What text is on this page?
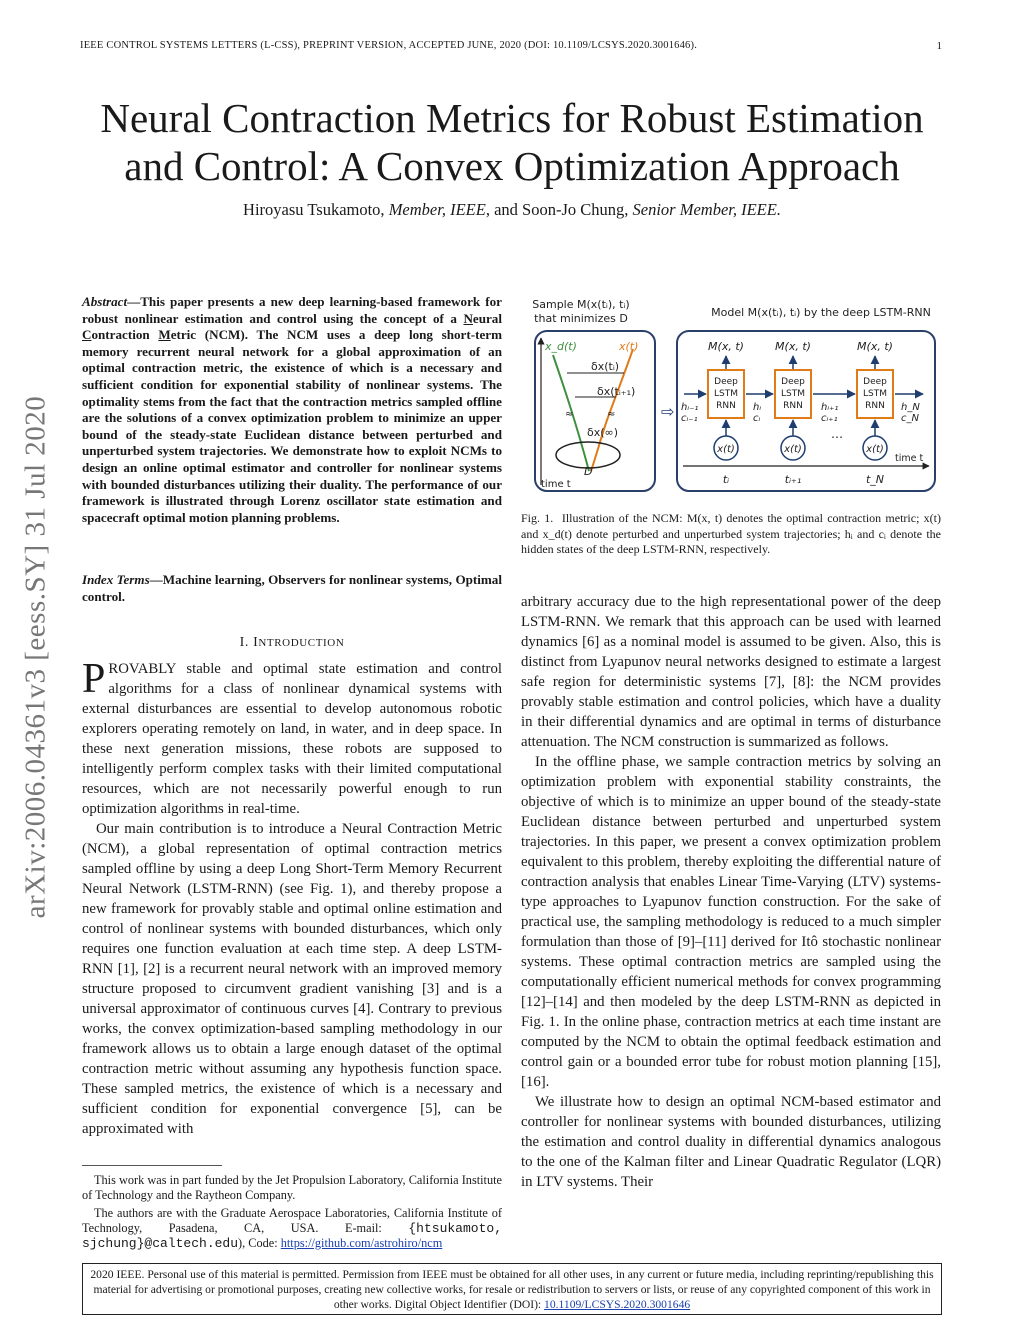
IEEE CONTROL SYSTEMS LETTERS (L-CSS), PREPRINT VERSION, ACCEPTED JUNE, 2020 (DOI: 10.1109/LCSYS.2020.3001646).	1
Neural Contraction Metrics for Robust Estimation
and Control: A Convex Optimization Approach
Hiroyasu Tsukamoto, Member, IEEE, and Soon-Jo Chung, Senior Member, IEEE.
arXiv:2006.04361v3 [eess.SY] 31 Jul 2020
Abstract—This paper presents a new deep learning-based framework for robust nonlinear estimation and control using the concept of a Neural Contraction Metric (NCM). The NCM uses a deep long short-term memory recurrent neural network for a global approximation of an optimal contraction metric, the existence of which is a necessary and sufficient condition for exponential stability of nonlinear systems. The optimality stems from the fact that the contraction metrics sampled offline are the solutions of a convex optimization problem to minimize an upper bound of the steady-state Euclidean distance between perturbed and unperturbed system trajectories. We demonstrate how to exploit NCMs to design an online optimal estimator and controller for nonlinear systems with bounded disturbances utilizing their duality. The performance of our framework is illustrated through Lorenz oscillator state estimation and spacecraft optimal motion planning problems.
Index Terms—Machine learning, Observers for nonlinear systems, Optimal control.
I. INTRODUCTION

PROVABLY stable and optimal state estimation and control algorithms for a class of nonlinear dynamical systems with external disturbances are essential to develop autonomous robotic explorers operating remotely on land, in water, and in deep space. In these next generation missions, these robots are supposed to intelligently perform complex tasks with their limited computational resources, which are not necessarily powerful enough to run optimization algorithms in real-time.

Our main contribution is to introduce a Neural Contraction Metric (NCM), a global representation of optimal contraction metrics sampled offline by using a deep Long Short-Term Memory Recurrent Neural Network (LSTM-RNN) (see Fig. 1), and thereby propose a new framework for provably stable and optimal online estimation and control of nonlinear systems with bounded disturbances, which only requires one function evaluation at each time step. A deep LSTM-RNN [1], [2] is a recurrent neural network with an improved memory structure proposed to circumvent gradient vanishing [3] and is a universal approximator of continuous curves [4]. Contrary to previous works, the convex optimization-based sampling methodology in our framework allows us to obtain a large enough dataset of the optimal contraction metric without assuming any hypothesis function space. These sampled metrics, the existence of which is a necessary and sufficient condition for exponential convergence [5], can be approximated with

This work was in part funded by the Jet Propulsion Laboratory, California Institute of Technology and the Raytheon Company.

The authors are with the Graduate Aerospace Laboratories, California Institute of Technology, Pasadena, CA, USA. E-mail: {htsukamoto, sjchung}@caltech.edu), Code: https://github.com/astrohiro/ncm

Sample M(x(tᵢ), tᵢ)
that minimizes D	Model M(x(tᵢ), tᵢ) by the deep LSTM-RNN
time t
x_d(t)	x(t)
δx(tᵢ)
δx(tᵢ₊₁)
≈	≈
δx(∞)
D
⇨
M(x, t)	M(x, t)	M(x, t)
Deep
LSTM
RNN
x(t)
Deep
LSTM
RNN
x(t)
Deep
LSTM
RNN
x(t)
hᵢ₋₁
cᵢ₋₁
hᵢ
cᵢ
hᵢ₊₁
cᵢ₊₁
h_N
c_N
⋯
time t
tᵢ	tᵢ₊₁	t_N
Fig. 1. Illustration of the NCM: M(x, t) denotes the optimal contraction metric; x(t) and x_d(t) denote perturbed and unperturbed system trajectories; hᵢ and cᵢ denote the hidden states of the deep LSTM-RNN, respectively.

arbitrary accuracy due to the high representational power of the deep LSTM-RNN. We remark that this approach can be used with learned dynamics [6] as a nominal model is assumed to be given. Also, this is distinct from Lyapunov neural networks designed to estimate a largest safe region for deterministic systems [7], [8]: the NCM provides provably stable estimation and control policies, which have a duality in their differential dynamics and are optimal in terms of disturbance attenuation. The NCM construction is summarized as follows.

In the offline phase, we sample contraction metrics by solving an optimization problem with exponential stability constraints, the objective of which is to minimize an upper bound of the steady-state Euclidean distance between perturbed and unperturbed system trajectories. In this paper, we present a convex optimization problem equivalent to this problem, thereby exploiting the differential nature of contraction analysis that enables Linear Time-Varying (LTV) systems-type approaches to Lyapunov function construction. For the sake of practical use, the sampling methodology is reduced to a much simpler formulation than those of [9]–[11] derived for Itô stochastic nonlinear systems. These optimal contraction metrics are sampled using the computationally efficient numerical methods for convex programming [12]–[14] and then modeled by the deep LSTM-RNN as depicted in Fig. 1. In the online phase, contraction metrics at each time instant are computed by the NCM to obtain the optimal feedback estimation and control gain or a bounded error tube for robust motion planning [15], [16].

We illustrate how to design an optimal NCM-based estimator and controller for nonlinear systems with bounded disturbances, utilizing the estimation and control duality in differential dynamics analogous to the one of the Kalman filter and Linear Quadratic Regulator (LQR) in LTV systems. Their

2020 IEEE. Personal use of this material is permitted. Permission from IEEE must be obtained for all other uses, in any current or future media, including reprinting/republishing this material for advertising or promotional purposes, creating new collective works, for resale or redistribution to servers or lists, or reuse of any copyrighted component of this work in other works. Digital Object Identifier (DOI): 10.1109/LCSYS.2020.3001646
